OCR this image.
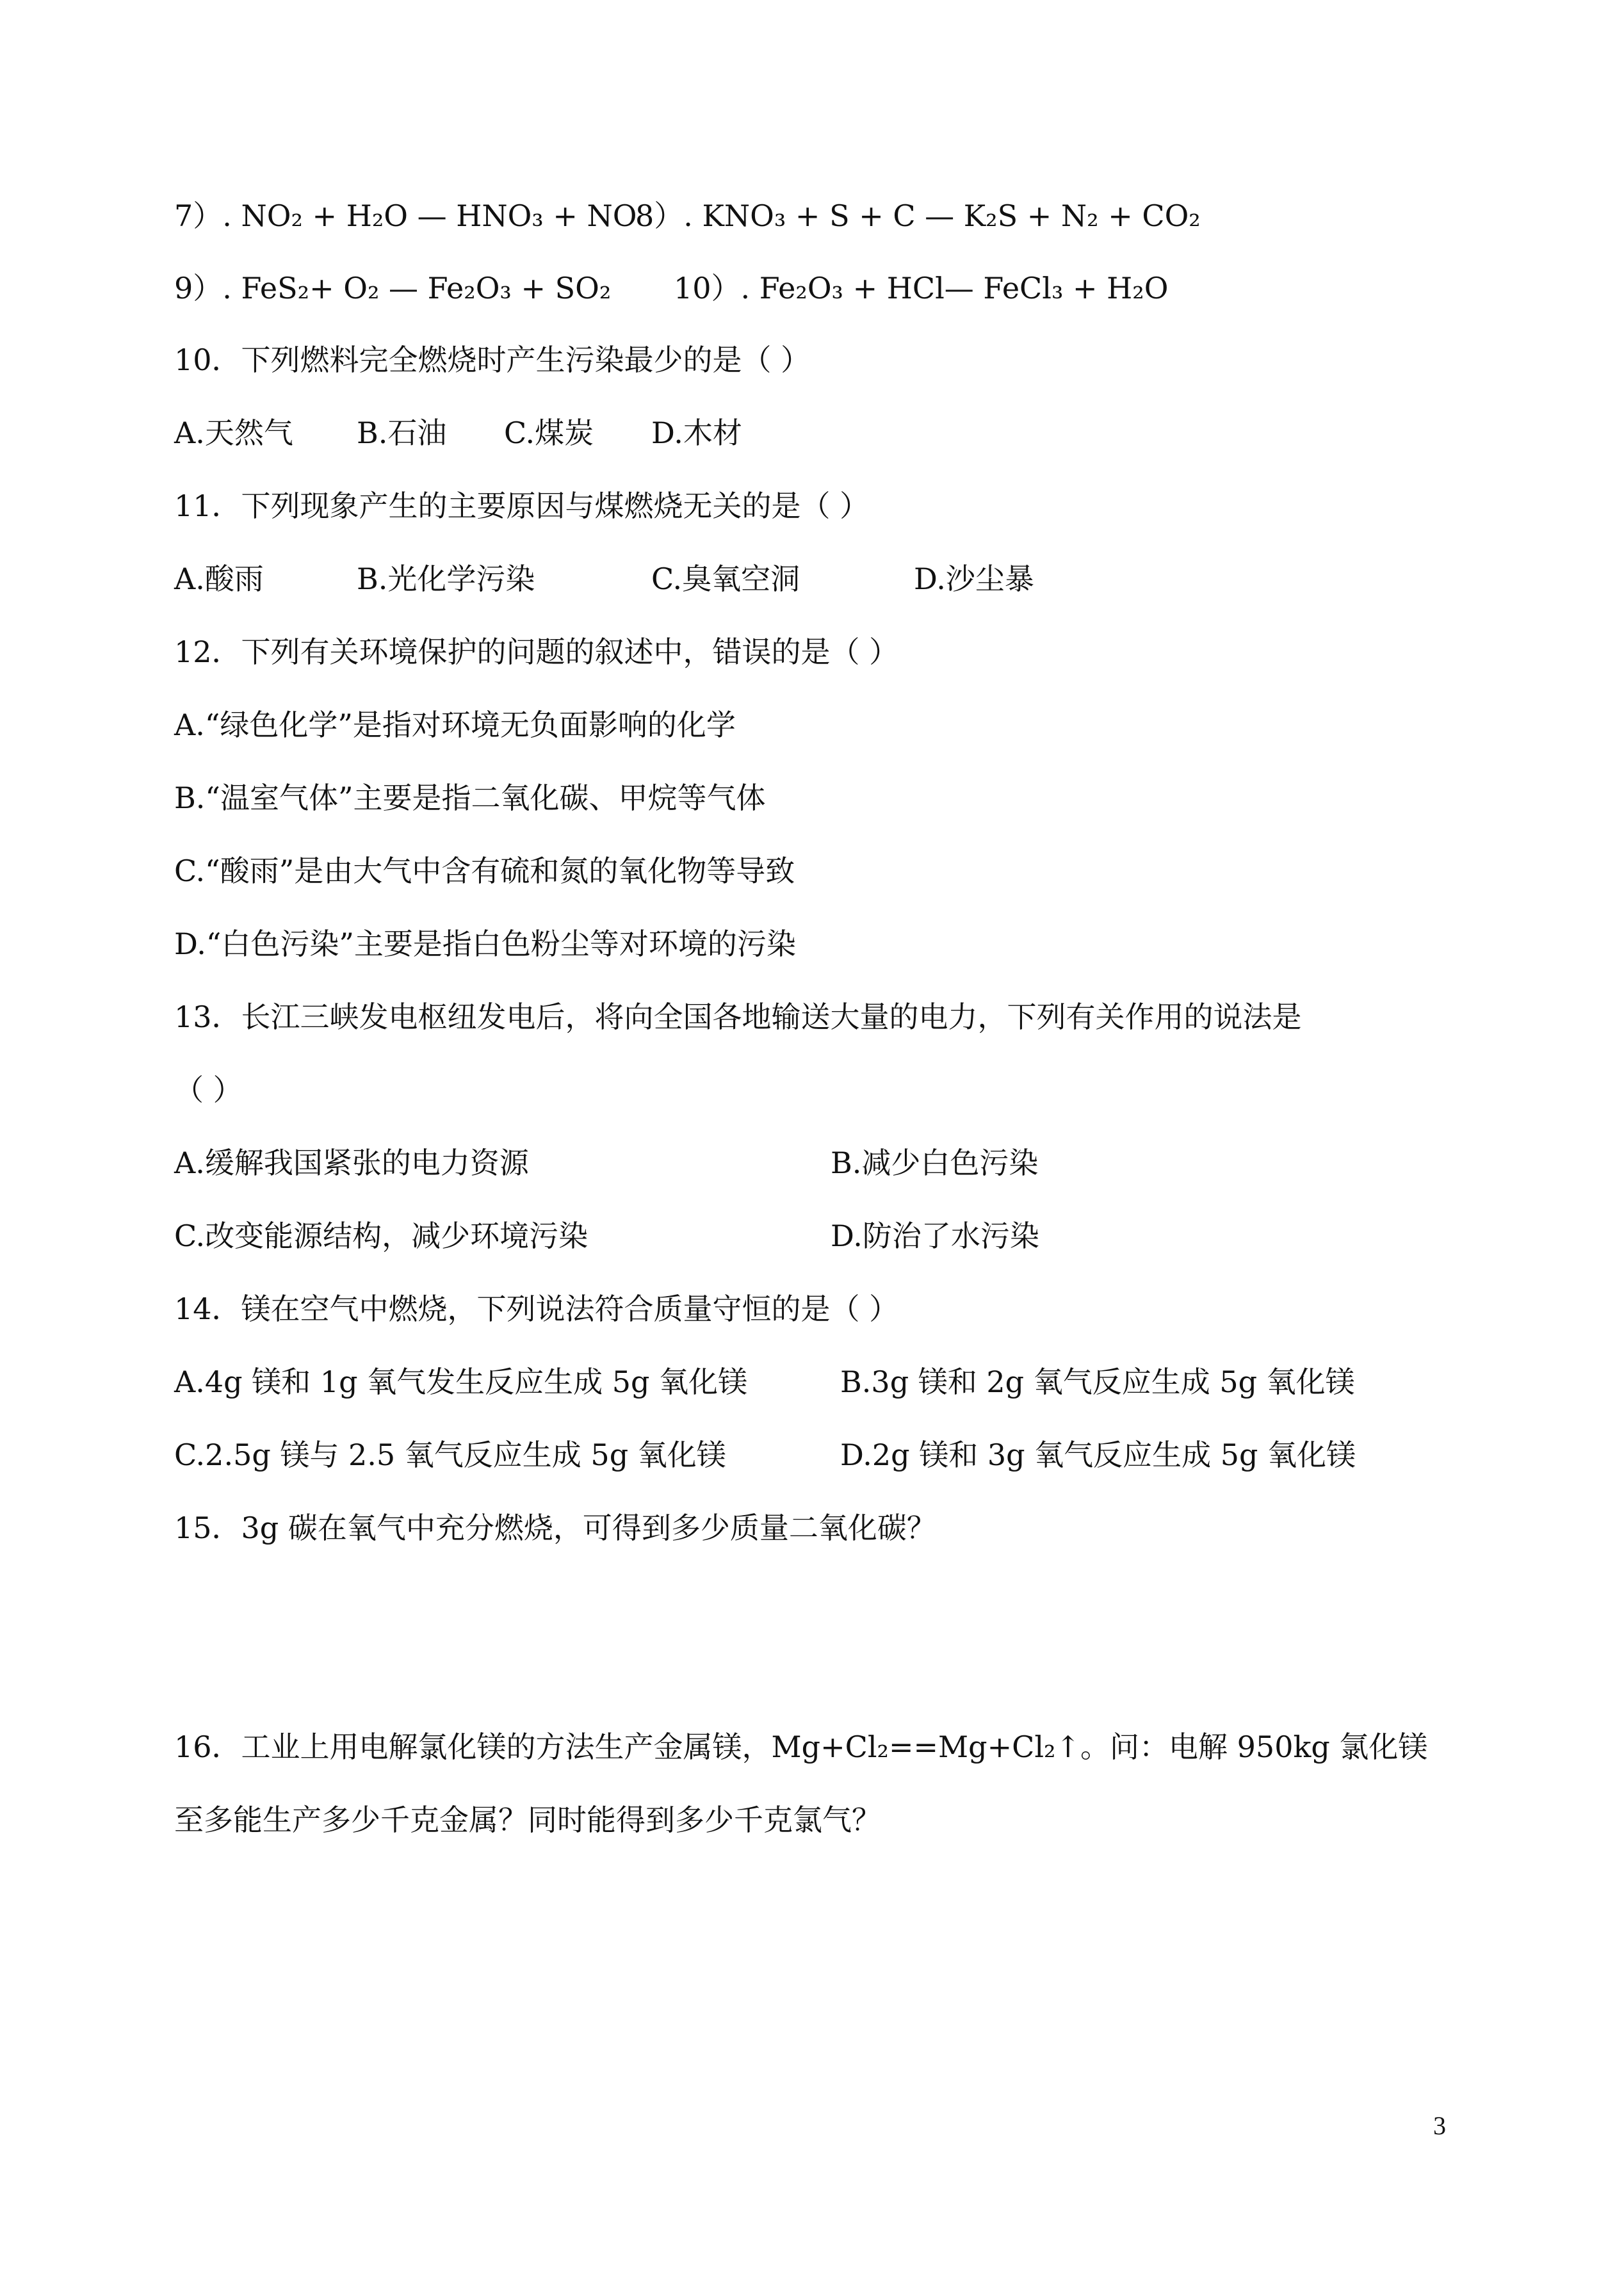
7）. NO₂ + H₂O — HNO₃ + NO
8）. KNO₃ + S + C — K₂S + N₂ + CO₂
9）. FeS₂+ O₂ — Fe₂O₃ + SO₂ 10）. Fe₂O₃ + HCl— FeCl₃ + H₂O
10．下列燃料完全燃烧时产生污染最少的是（ ）
A.天然气 B.石油 C.煤炭 D.木材
11．下列现象产生的主要原因与煤燃烧无关的是（ ）
A.酸雨	B.光化学污染	C.臭氧空洞	D.沙尘暴
12．下列有关环境保护的问题的叙述中，错误的是（ ）
A.“绿色化学”是指对环境无负面影响的化学
B.“温室气体”主要是指二氧化碳、甲烷等气体
C.“酸雨”是由大气中含有硫和氮的氧化物等导致
D.“白色污染”主要是指白色粉尘等对环境的污染
13．长江三峡发电枢纽发电后，将向全国各地输送大量的电力，下列有关作用的说法是
（ ）
A.缓解我国紧张的电力资源	B.减少白色污染
C.改变能源结构，减少环境污染	D.防治了水污染
14．镁在空气中燃烧，下列说法符合质量守恒的是（ ）
A.4g 镁和 1g 氧气发生反应生成 5g 氧化镁	B.3g 镁和 2g 氧气反应生成 5g 氧化镁
C.2.5g 镁与 2.5 氧气反应生成 5g 氧化镁	D.2g 镁和 3g 氧气反应生成 5g 氧化镁
15．3g 碳在氧气中充分燃烧，可得到多少质量二氧化碳？
16．工业上用电解氯化镁的方法生产金属镁，Mg+Cl₂==Mg+Cl₂↑。问：电解 950kg 氯化镁
至多能生产多少千克金属？同时能得到多少千克氯气？
3
